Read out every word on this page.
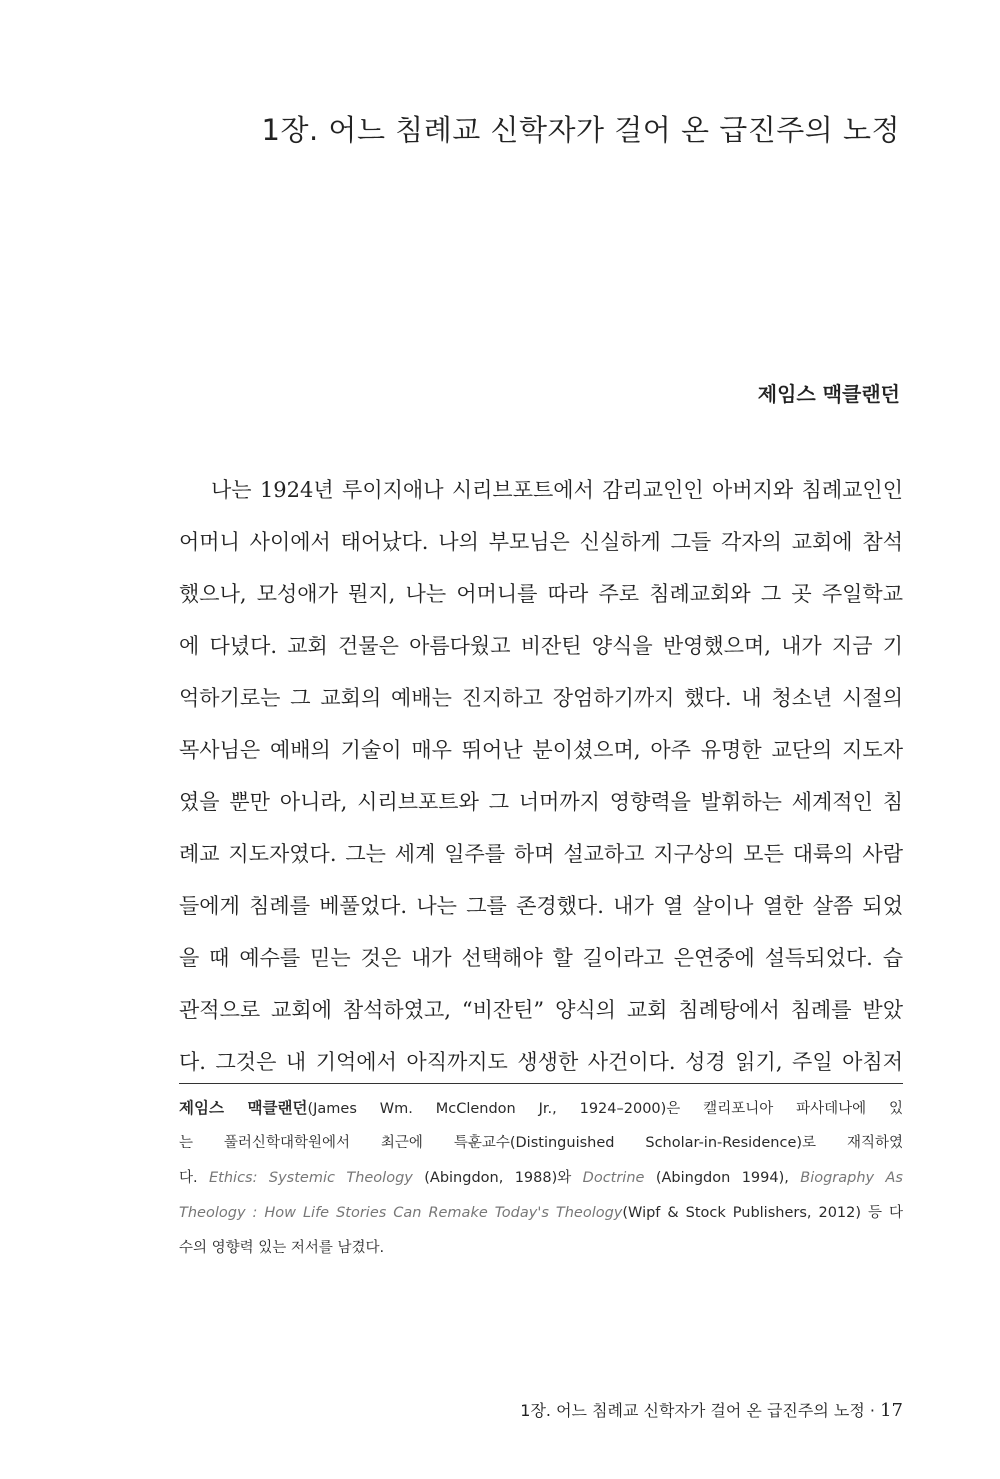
1장. 어느 침례교 신학자가 걸어 온 급진주의 노정

제임스 맥클랜던

나는 1924년 루이지애나 시리브포트에서 감리교인인 아버지와 침례교인인
어머니 사이에서 태어났다. 나의 부모님은 신실하게 그들 각자의 교회에 참석
했으나, 모성애가 뭔지, 나는 어머니를 따라 주로 침례교회와 그 곳 주일학교
에 다녔다. 교회 건물은 아름다웠고 비잔틴 양식을 반영했으며, 내가 지금 기
억하기로는 그 교회의 예배는 진지하고 장엄하기까지 했다. 내 청소년 시절의
목사님은 예배의 기술이 매우 뛰어난 분이셨으며, 아주 유명한 교단의 지도자
였을 뿐만 아니라, 시리브포트와 그 너머까지 영향력을 발휘하는 세계적인 침
례교 지도자였다. 그는 세계 일주를 하며 설교하고 지구상의 모든 대륙의 사람
들에게 침례를 베풀었다. 나는 그를 존경했다. 내가 열 살이나 열한 살쯤 되었
을 때 예수를 믿는 것은 내가 선택해야 할 길이라고 은연중에 설득되었다. 습
관적으로 교회에 참석하였고, “비잔틴” 양식의 교회 침례탕에서 침례를 받았
다. 그것은 내 기억에서 아직까지도 생생한 사건이다. 성경 읽기, 주일 아침저
제임스 맥클랜던(James Wm. McClendon Jr., 1924–2000)은 캘리포니아 파사데나에 있
는 풀러신학대학원에서 최근에 특훈교수(Distinguished Scholar-in-Residence)로 재직하였
다. Ethics: Systemic Theology (Abingdon, 1988)와 Doctrine (Abingdon 1994), Biography As
Theology : How Life Stories Can Remake Today's Theology(Wipf & Stock Publishers, 2012) 등 다
수의 영향력 있는 저서를 남겼다.
1장. 어느 침례교 신학자가 걸어 온 급진주의 노정 · 17
